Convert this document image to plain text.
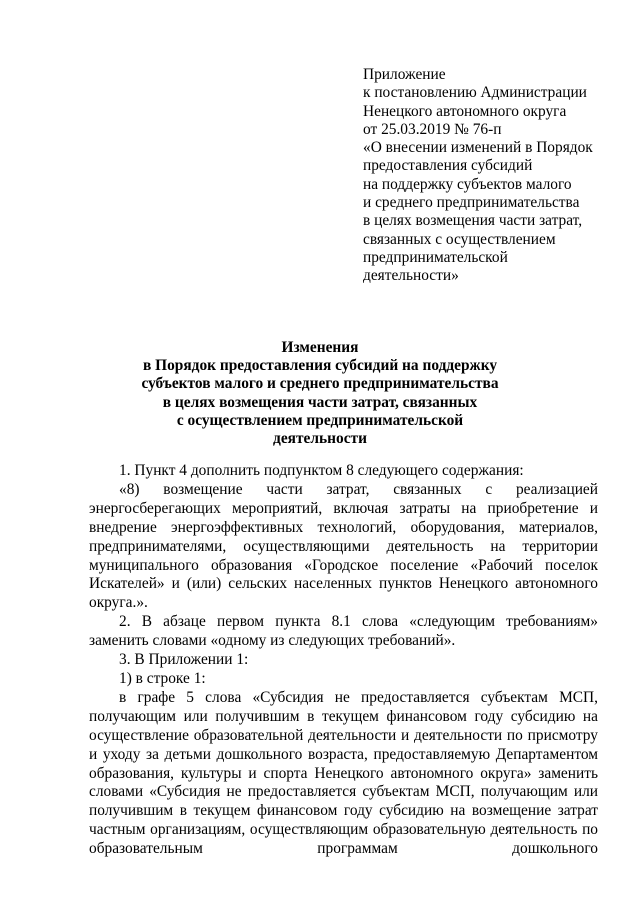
Приложение
к постановлению Администрации
Ненецкого автономного округа
от 25.03.2019 № 76-п
«О внесении изменений в Порядок
предоставления субсидий
на поддержку субъектов малого
и среднего предпринимательства
в целях возмещения части затрат,
связанных с осуществлением
предпринимательской
деятельности»
Изменения
в Порядок предоставления субсидий на поддержку
субъектов малого и среднего предпринимательства
в целях возмещения части затрат, связанных
с осуществлением предпринимательской
деятельности

1. Пункт 4 дополнить подпунктом 8 следующего содержания:

«8) возмещение части затрат, связанных с реализацией энергосберегающих мероприятий, включая затраты на приобретение и внедрение энергоэффективных технологий, оборудования, материалов, предпринимателями, осуществляющими деятельность на территории муниципального образования «Городское поселение «Рабочий поселок Искателей» и (или) сельских населенных пунктов Ненецкого автономного округа.».

2. В абзаце первом пункта 8.1 слова «следующим требованиям» заменить словами «одному из следующих требований».

3. В Приложении 1:

1) в строке 1:

в графе 5 слова «Субсидия не предоставляется субъектам МСП, получающим или получившим в текущем финансовом году субсидию на осуществление образовательной деятельности и деятельности по присмотру и уходу за детьми дошкольного возраста, предоставляемую Департаментом образования, культуры и спорта Ненецкого автономного округа» заменить словами «Субсидия не предоставляется субъектам МСП, получающим или получившим в текущем финансовом году субсидию на возмещение затрат частным организациям, осуществляющим образовательную деятельность по образовательным программам дошкольного
